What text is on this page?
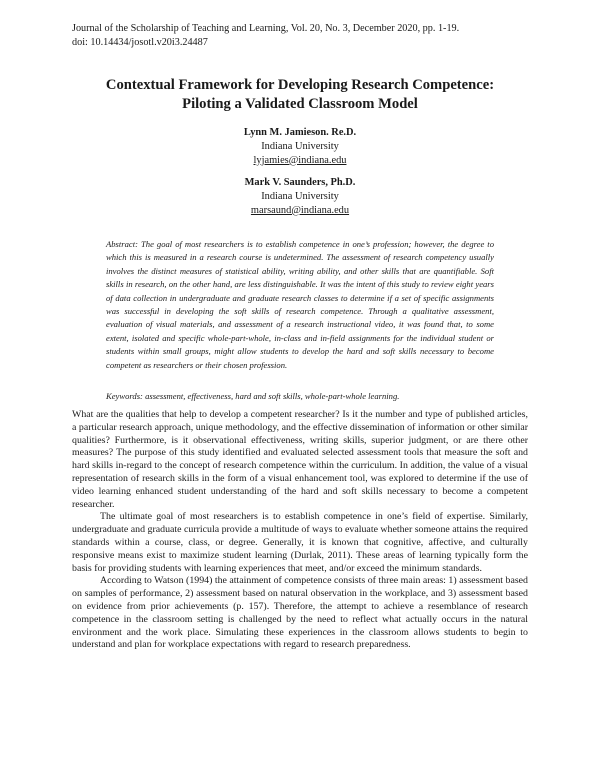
Journal of the Scholarship of Teaching and Learning, Vol. 20, No. 3, December 2020, pp. 1-19.
doi: 10.14434/josotl.v20i3.24487
Contextual Framework for Developing Research Competence:
Piloting a Validated Classroom Model
Lynn M. Jamieson. Re.D.
Indiana University
lyjamies@indiana.edu
Mark V. Saunders, Ph.D.
Indiana University
marsaund@indiana.edu
Abstract: The goal of most researchers is to establish competence in one’s profession; however, the degree to which this is measured in a research course is undetermined. The assessment of research competency usually involves the distinct measures of statistical ability, writing ability, and other skills that are quantifiable. Soft skills in research, on the other hand, are less distinguishable. It was the intent of this study to review eight years of data collection in undergraduate and graduate research classes to determine if a set of specific assignments was successful in developing the soft skills of research competence. Through a qualitative assessment, evaluation of visual materials, and assessment of a research instructional video, it was found that, to some extent, isolated and specific whole-part-whole, in-class and in-field assignments for the individual student or students within small groups, might allow students to develop the hard and soft skills necessary to become competent as researchers or their chosen profession.
Keywords: assessment, effectiveness, hard and soft skills, whole-part-whole learning.

What are the qualities that help to develop a competent researcher? Is it the number and type of published articles, a particular research approach, unique methodology, and the effective dissemination of information or other similar qualities? Furthermore, is it observational effectiveness, writing skills, superior judgment, or are there other measures? The purpose of this study identified and evaluated selected assessment tools that measure the soft and hard skills in-regard to the concept of research competence within the curriculum. In addition, the value of a visual representation of research skills in the form of a visual enhancement tool, was explored to determine if the use of video learning enhanced student understanding of the hard and soft skills necessary to become a competent researcher.

The ultimate goal of most researchers is to establish competence in one’s field of expertise. Similarly, undergraduate and graduate curricula provide a multitude of ways to evaluate whether someone attains the required standards within a course, class, or degree. Generally, it is known that cognitive, affective, and culturally responsive means exist to maximize student learning (Durlak, 2011). These areas of learning typically form the basis for providing students with learning experiences that meet, and/or exceed the minimum standards.

According to Watson (1994) the attainment of competence consists of three main areas: 1) assessment based on samples of performance, 2) assessment based on natural observation in the workplace, and 3) assessment based on evidence from prior achievements (p. 157). Therefore, the attempt to achieve a resemblance of research competence in the classroom setting is challenged by the need to reflect what actually occurs in the natural environment and the work place. Simulating these experiences in the classroom allows students to begin to understand and plan for workplace expectations with regard to research preparedness.
